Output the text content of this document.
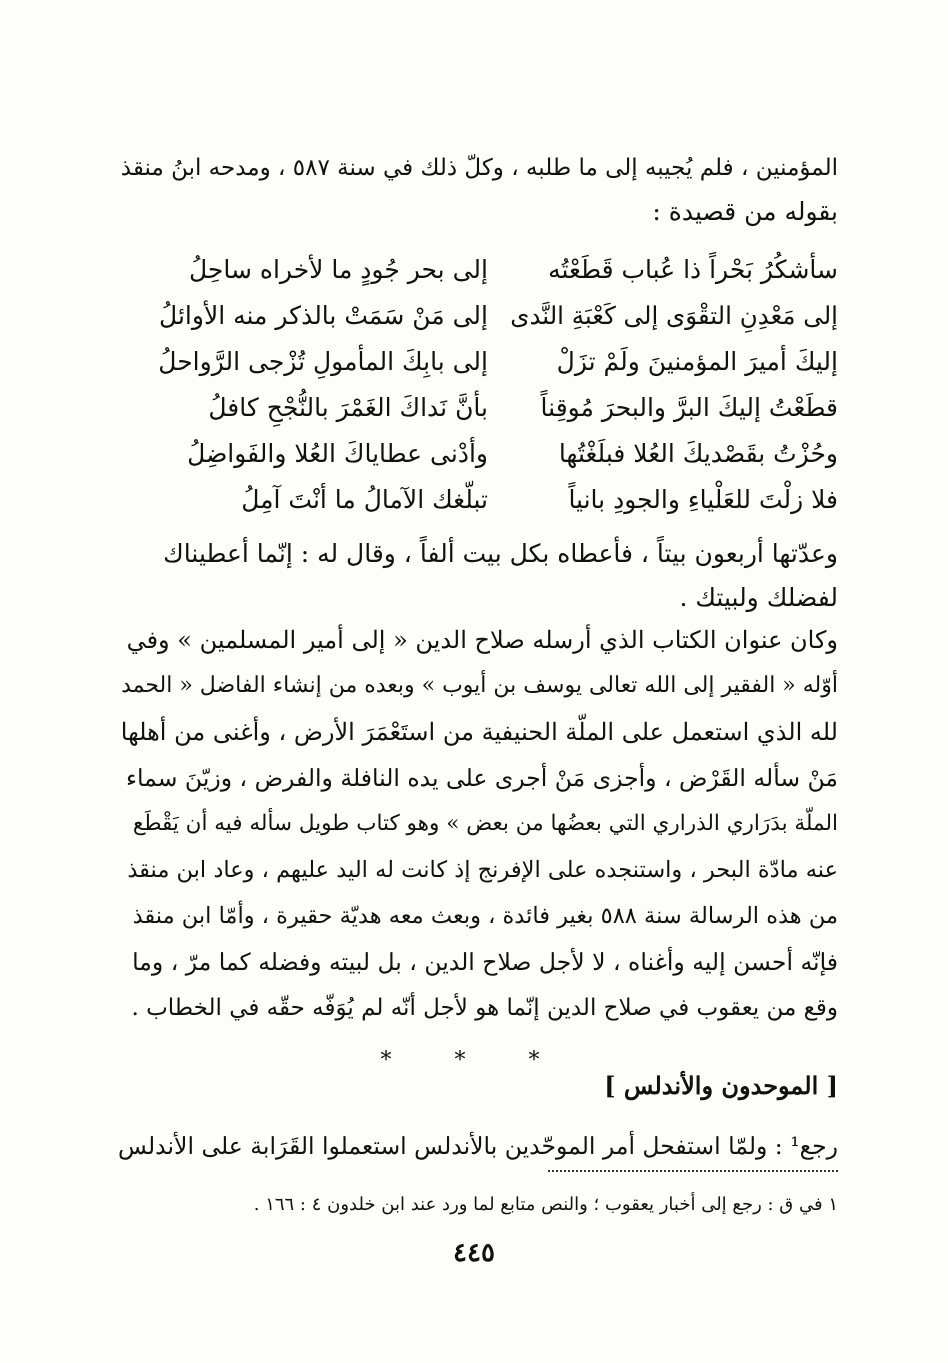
المؤمنين ، فلم يُجيبه إلى ما طلبه ، وكلّ ذلك في سنة ٥٨٧ ، ومدحه ابنُ منقذ
بقوله من قصيدة :
سأشكُرُ بَحْراً ذا عُباب قَطَعْتُه
إلى بحر جُودٍ ما لأخراه ساحِلُ
إلى مَعْدِنِ التقْوَى إلى كَعْبَةِ النَّدى
إلى مَنْ سَمَتْ بالذكر منه الأوائلُ
إليكَ أميرَ المؤمنينَ ولَمْ تزَلْ
إلى بابِكَ المأمولِ تُزْجى الرَّواحلُ
قطَعْتُ إليكَ البرَّ والبحرَ مُوقِناً
بأنَّ نَداكَ الغَمْرَ بالنُّجْحِ كافلُ
وحُزْتُ بقَصْديكَ العُلا فبلَغْتُها
وأدْنى عطاياكَ العُلا والفَواضِلُ
فلا زلْتَ للعَلْياءِ والجودِ بانياً
تبلّغك الآمالُ ما أنْتَ آمِلُ
وعدّتها أربعون بيتاً ، فأعطاه بكل بيت ألفاً ، وقال له : إنّما أعطيناك
لفضلك ولبيتك .
وكان عنوان الكتاب الذي أرسله صلاح الدين « إلى أمير المسلمين » وفي
أوّله « الفقير إلى الله تعالى يوسف بن أيوب » وبعده من إنشاء الفاضل « الحمد
لله الذي استعمل على الملّة الحنيفية من استَعْمَرَ الأرض ، وأغنى من أهلها
مَنْ سأله القَرْض ، وأجزى مَنْ أجرى على يده النافلة والفرض ، وزيّنَ سماء
الملّة بدَرَاري الذراري التي بعضُها من بعض » وهو كتاب طويل سأله فيه أن يَقْطَع
عنه مادّة البحر ، واستنجده على الإفرنج إذ كانت له اليد عليهم ، وعاد ابن منقذ
من هذه الرسالة سنة ٥٨٨ بغير فائدة ، وبعث معه هديّة حقيرة ، وأمّا ابن منقذ
فإنّه أحسن إليه وأغناه ، لا لأجل صلاح الدين ، بل لبيته وفضله كما مرّ ، وما
وقع من يعقوب في صلاح الدين إنّما هو لأجل أنّه لم يُوَفّه حقّه في الخطاب .
* * *
[ الموحدون والأندلس ]
رجع¹ : ولمّا استفحل أمر الموحّدين بالأندلس استعملوا القَرَابة على الأندلس
١ في ق : رجع إلى أخبار يعقوب ؛ والنص متابع لما ورد عند ابن خلدون ٤ : ١٦٦ .
٤٤٥
